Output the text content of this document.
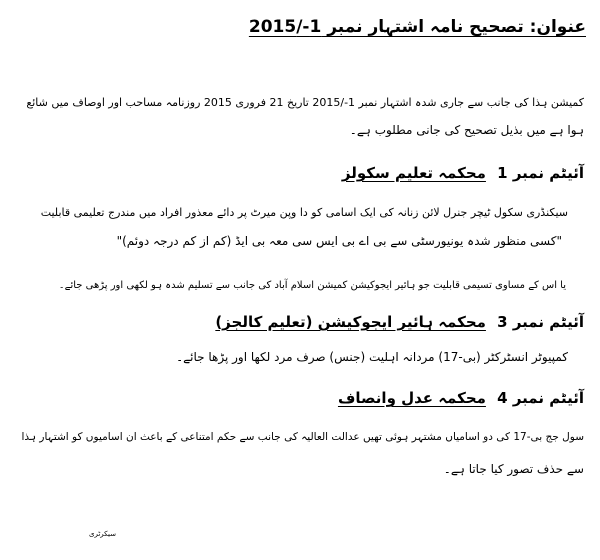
عنوان: تصحیح نامہ اشتہار نمبر 1-/2015
کمیشن ہذا کی جانب سے جاری شدہ اشتہار نمبر 1-/2015 تاریخ 21 فروری 2015 روزنامہ مساحب اور اوصاف میں شائع
ہوا ہے میں بذیل تصحیح کی جانی مطلوب ہے۔
آئیٹم نمبر 1 محکمہ تعلیم سکولز
سیکنڈری سکول ٹیچر جنرل لائن زنانہ کی ایک اسامی کو دا وپن میرٹ پر دائے معذور افراد میں مندرج تعلیمی قابلیت
"کسی منظور شدہ یونیورسٹی سے بی اے بی ایس سی معہ بی ایڈ (کم از کم درجہ دوئم)"
یا اس کے مساوی تسیمی قابلیت جو ہائیر ایجوکیشن کمیشن اسلام آباد کی جانب سے تسلیم شدہ ہو لکھی اور پڑھی جائے۔
آئیٹم نمبر 3 محکمہ ہائیر ایجوکیشن (تعلیم کالجز)
کمپیوٹر انسٹرکٹر (بی-17) مردانہ اہلیت (جنس) صرف مرد لکھا اور پڑھا جائے۔
آئیٹم نمبر 4 محکمہ عدل وانصاف
سول جج بی-17 کی دو اسامیاں مشتہر ہوئی تھیں عدالت العالیہ کی جانب سے حکم امتناعی کے باعث ان اسامیوں کو اشتہار ہذا
سے حذف تصور کیا جاتا ہے۔
سیکرٹری
